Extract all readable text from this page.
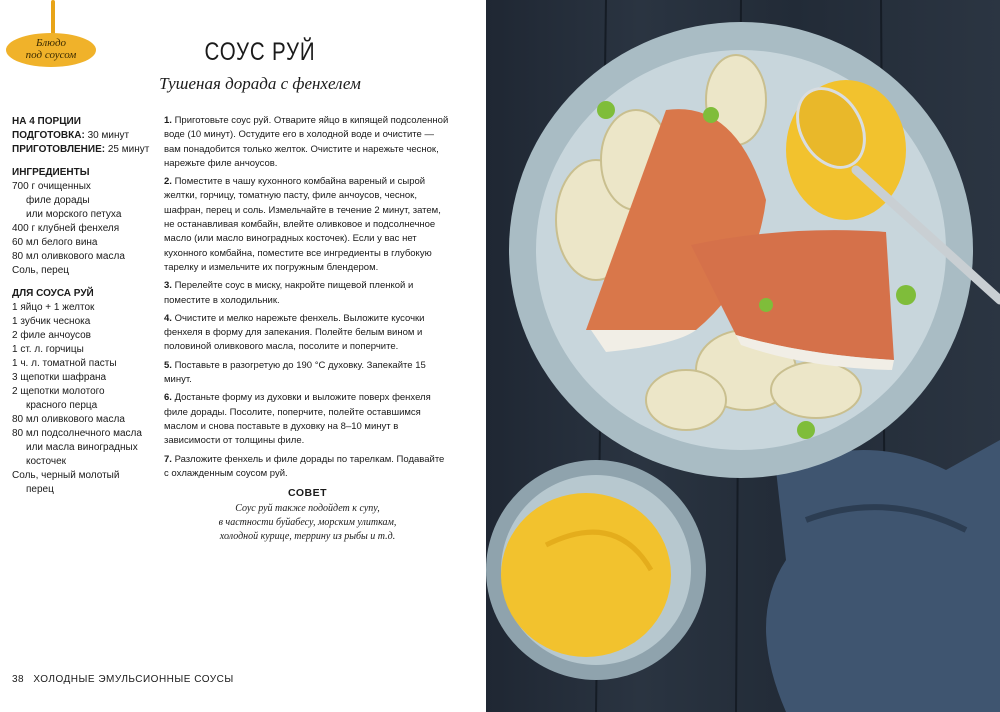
Блюдо
под соусом	СОУС РУЙ
Тушеная дорада с фенхелем
НА 4 ПОРЦИИ
ПОДГОТОВКА: 30 минут
ПРИГОТОВЛЕНИЕ: 25 минут
ИНГРЕДИЕНТЫ
700 г очищенных
филе дорады
или морского петуха
400 г клубней фенхеля
60 мл белого вина
80 мл оливкового масла
Соль, перец
ДЛЯ СОУСА РУЙ
1 яйцо + 1 желток
1 зубчик чеснока
2 филе анчоусов
1 ст. л. горчицы
1 ч. л. томатной пасты
3 щепотки шафрана
2 щепотки молотого
красного перца
80 мл оливкового масла
80 мл подсолнечного масла
или масла виноградных
косточек
Соль, черный молотый
перец
1. Приготовьте соус руй. Отварите яйцо в кипящей подсоленной воде (10 минут). Остудите его в холодной воде и очистите — вам понадобится только желток. Очистите и нарежьте чеснок, нарежьте филе анчоусов.
2. Поместите в чашу кухонного комбайна вареный и сырой желтки, горчицу, томатную пасту, филе анчоусов, чеснок, шафран, перец и соль. Измельчайте в течение 2 минут, затем, не останавливая комбайн, влейте оливковое и подсолнечное масло (или масло виноградных косточек). Если у вас нет кухонного комбайна, поместите все ингредиенты в глубокую тарелку и измельчите их погружным блендером.
3. Перелейте соус в миску, накройте пищевой пленкой и поместите в холодильник.
4. Очистите и мелко нарежьте фенхель. Выложите кусочки фенхеля в форму для запекания. Полейте белым вином и половиной оливкового масла, посолите и поперчите.
5. Поставьте в разогретую до 190 °С духовку. Запекайте 15 минут.
6. Достаньте форму из духовки и выложите поверх фенхеля филе дорады. Посолите, поперчите, полейте оставшимся маслом и снова поставьте в духовку на 8–10 минут в зависимости от толщины филе.
7. Разложите фенхель и филе дорады по тарелкам. Подавайте с охлажденным соусом руй.
СОВЕТ
Соус руй также подойдет к супу,
в частности буйабесу, морским улиткам,
холодной курице, террину из рыбы и т.д.
38 ХОЛОДНЫЕ ЭМУЛЬСИОННЫЕ СОУСЫ
